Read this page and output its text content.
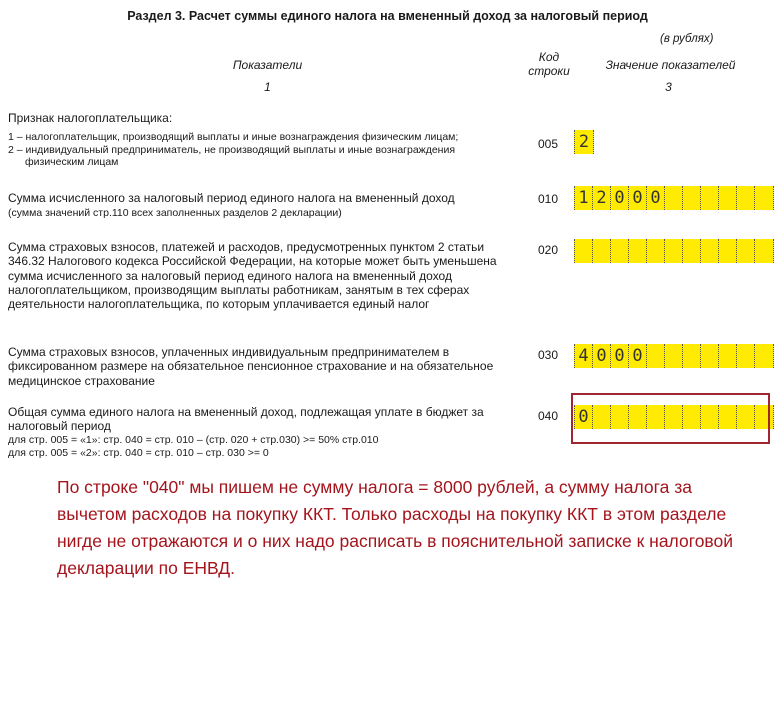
Раздел 3. Расчет суммы единого налога на вмененный доход за налоговый период
(в рублях)
Показатели
1
Код строки	Значение показателей
3
Признак налогоплательщика:
1 – налогоплательщик, производящий выплаты и иные вознаграждения физическим лицам;
2 – индивидуальный предприниматель, не производящий выплаты и иные вознаграждения
физическим лицам
005 2
Сумма исчисленного за налоговый период единого налога на вмененный доход
(сумма значений стр.110 всех заполненных разделов 2 декларации)
010 1 2 0 0 0
Сумма страховых взносов, платежей и расходов, предусмотренных пунктом 2 статьи 346.32 Налогового кодекса Российской Федерации, на которые может быть уменьшена сумма исчисленного за налоговый период единого налога на вмененный доход налогоплательщиком, производящим выплаты работникам, занятым в тех сферах деятельности налогоплательщика, по которым уплачивается единый налог
020
Сумма страховых взносов, уплаченных индивидуальным предпринимателем в фиксированном размере на обязательное пенсионное страхование и на обязательное медицинское страхование
030 4 0 0 0
Общая сумма единого налога на вмененный доход, подлежащая уплате в бюджет за налоговый период
для стр. 005 = «1»: стр. 040 = стр. 010 – (стр. 020 + стр.030) >= 50% стр.010
для стр. 005 = «2»: стр. 040 = стр. 010 – стр. 030 >= 0
040 0
По строке "040" мы пишем не сумму налога = 8000 рублей, а сумму налога за вычетом расходов на покупку ККТ. Только расходы на покупку ККТ в этом разделе нигде не отражаются и о них надо расписать в пояснительной записке к налоговой декларации по ЕНВД.
